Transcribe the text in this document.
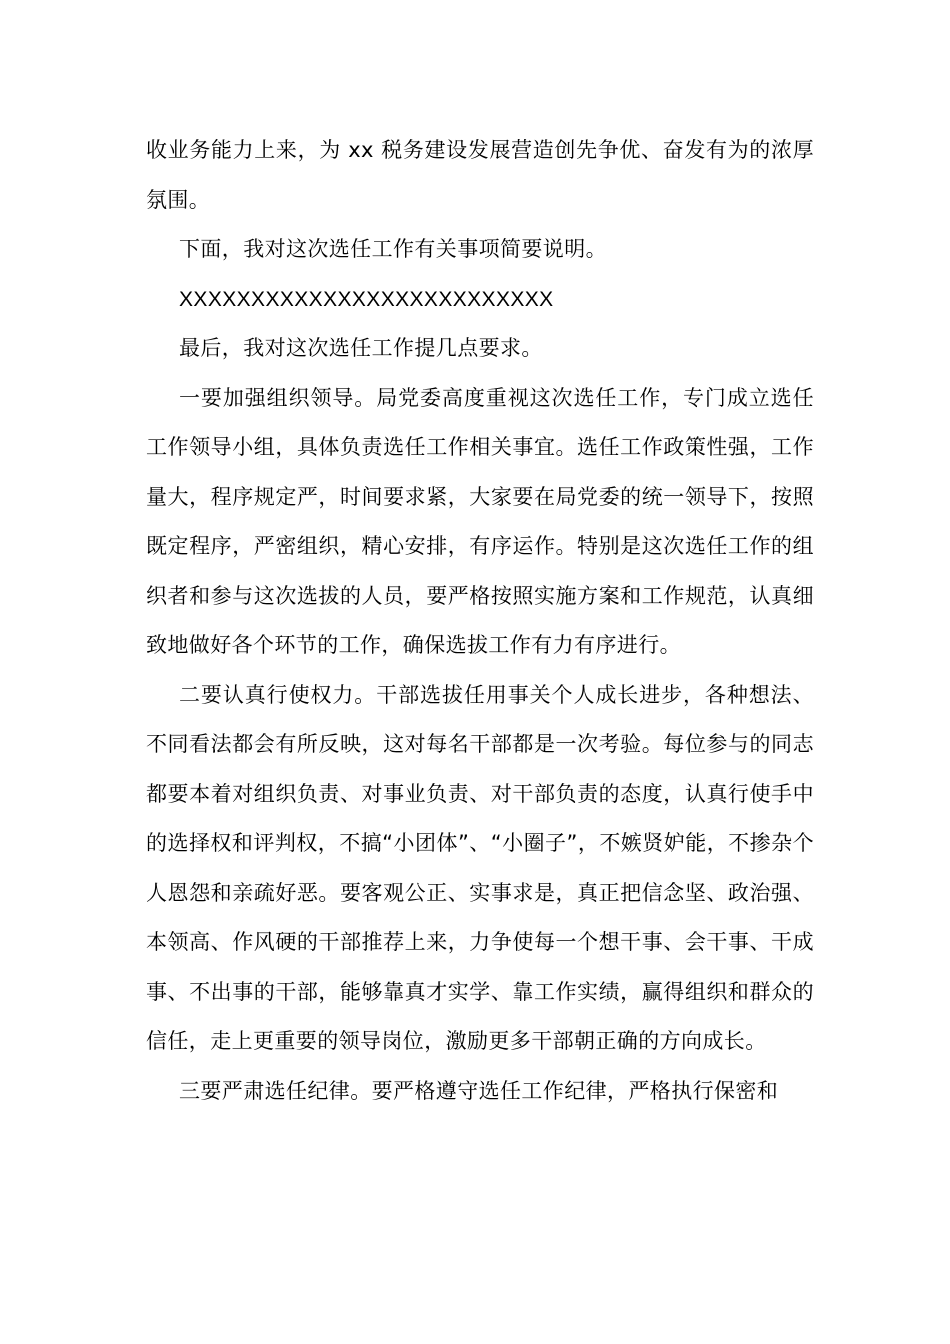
收业务能力上来，为 xx 税务建设发展营造创先争优、奋发有为的浓厚氛围。

下面，我对这次选任工作有关事项简要说明。

XXXXXXXXXXXXXXXXXXXXXXXXXX

最后，我对这次选任工作提几点要求。

一要加强组织领导。局党委高度重视这次选任工作，专门成立选任工作领导小组，具体负责选任工作相关事宜。选任工作政策性强，工作量大，程序规定严，时间要求紧，大家要在局党委的统一领导下，按照既定程序，严密组织，精心安排，有序运作。特别是这次选任工作的组织者和参与这次选拔的人员，要严格按照实施方案和工作规范，认真细致地做好各个环节的工作，确保选拔工作有力有序进行。

二要认真行使权力。干部选拔任用事关个人成长进步，各种想法、不同看法都会有所反映，这对每名干部都是一次考验。每位参与的同志都要本着对组织负责、对事业负责、对干部负责的态度，认真行使手中的选择权和评判权，不搞“小团体”、“小圈子”，不嫉贤妒能，不掺杂个人恩怨和亲疏好恶。要客观公正、实事求是，真正把信念坚、政治强、本领高、作风硬的干部推荐上来，力争使每一个想干事、会干事、干成事、不出事的干部，能够靠真才实学、靠工作实绩，赢得组织和群众的信任，走上更重要的领导岗位，激励更多干部朝正确的方向成长。

三要严肃选任纪律。要严格遵守选任工作纪律，严格执行保密和
